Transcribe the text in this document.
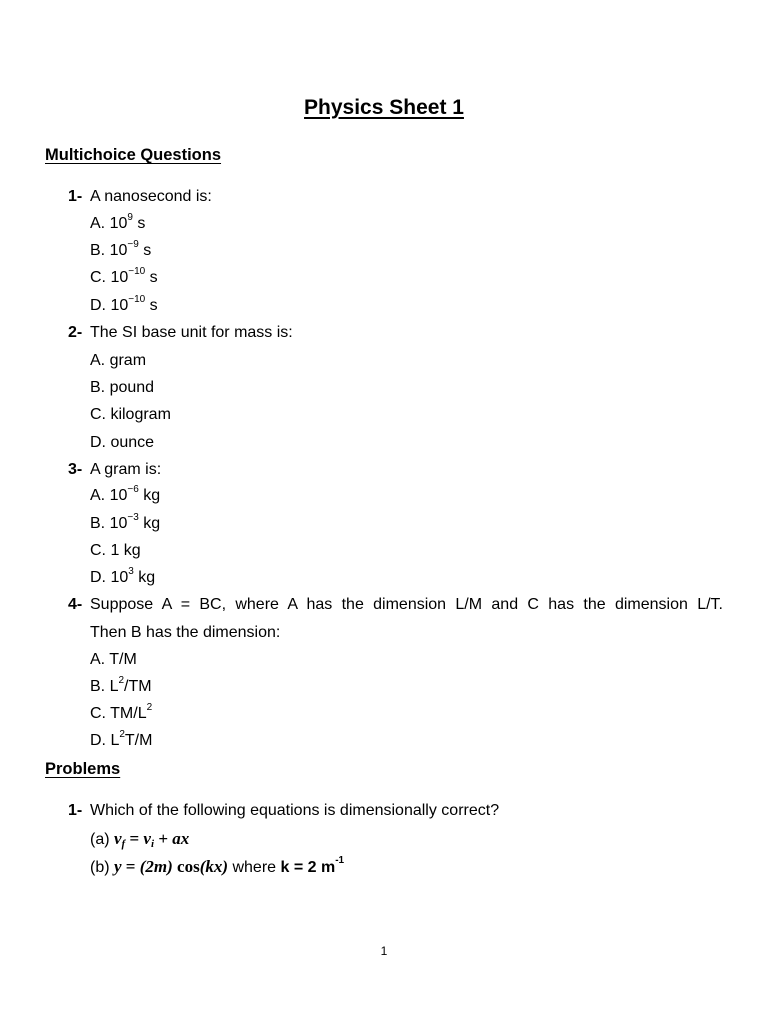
Physics Sheet 1
Multichoice Questions
1- A nanosecond is:
A. $10^9$ s
B. $10^{-9}$ s
C. $10^{-10}$ s
D. $10^{-10}$ s
2- The SI base unit for mass is:
A. gram
B. pound
C. kilogram
D. ounce
3- A gram is:
A. $10^{-6}$ kg
B. $10^{-3}$ kg
C. 1 kg
D. $10^3$ kg
4- Suppose A = BC, where A has the dimension L/M and C has the dimension L/T.
Then B has the dimension:
A. T/M
B. $L^2/TM$
C. $TM/L^2$
D. $L^2T/M$
Problems
1- Which of the following equations is dimensionally correct?
(a) $v_f = v_i$ + ax
(b) y = (2m) cos(kx) where k = 2 $m^{-1}$
1
